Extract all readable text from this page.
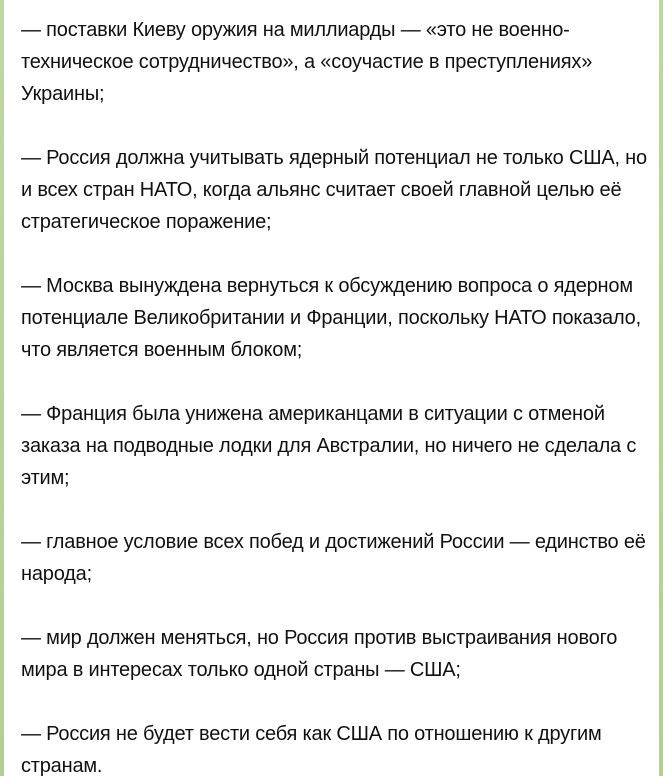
— поставки Киеву оружия на миллиарды — «это не военно-техническое сотрудничество», а «соучастие в преступлениях» Украины;

— Россия должна учитывать ядерный потенциал не только США, но и всех стран НАТО, когда альянс считает своей главной целью её стратегическое поражение;

— Москва вынуждена вернуться к обсуждению вопроса о ядерном потенциале Великобритании и Франции, поскольку НАТО показало, что является военным блоком;

— Франция была унижена американцами в ситуации с отменой заказа на подводные лодки для Австралии, но ничего не сделала с этим;

— главное условие всех побед и достижений России — единство её народа;

— мир должен меняться, но Россия против выстраивания нового мира в интересах только одной страны — США;

— Россия не будет вести себя как США по отношению к другим странам.
